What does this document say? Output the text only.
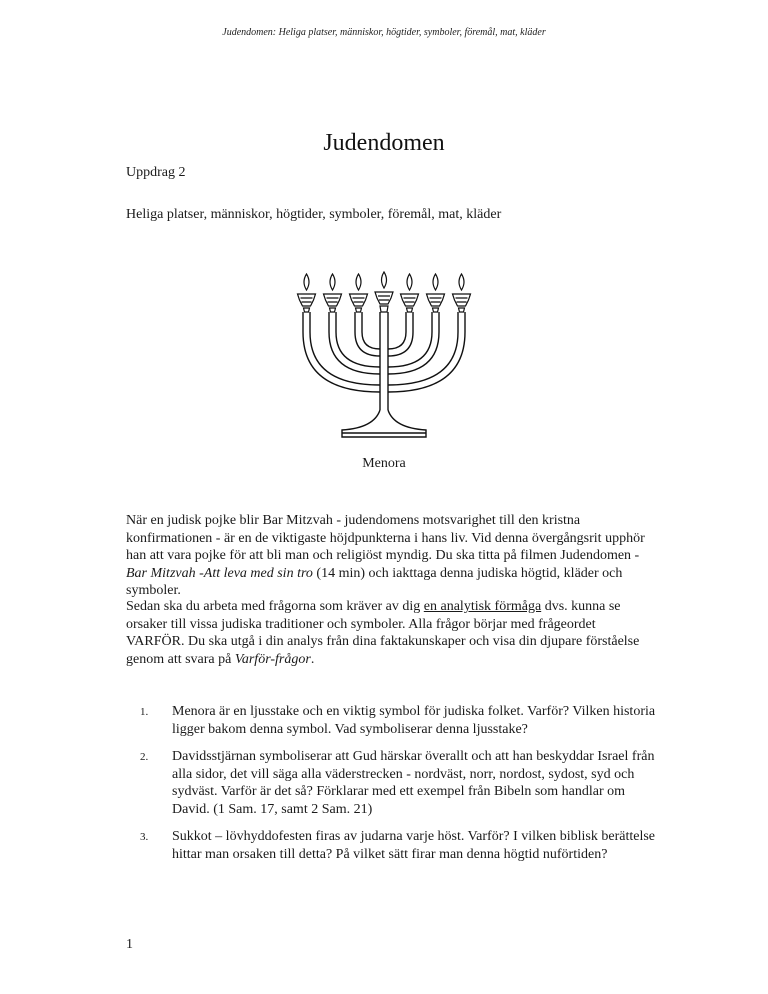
Judendomen: Heliga platser, människor, högtider, symboler, föremål, mat, kläder
Judendomen
Uppdrag 2
Heliga platser, människor, högtider, symboler, föremål, mat, kläder
Menora
När en judisk pojke blir Bar Mitzvah - judendomens motsvarighet till den kristna konfirmationen - är en de viktigaste höjdpunkterna i hans liv. Vid denna övergångsrit upphör han att vara pojke för att bli man och religiöst myndig. Du ska titta på filmen Judendomen - Bar Mitzvah -Att leva med sin tro (14 min) och iakttaga denna judiska högtid, kläder och symboler.
Sedan ska du arbeta med frågorna som kräver av dig en analytisk förmåga dvs. kunna se orsaker till vissa judiska traditioner och symboler. Alla frågor börjar med frågeordet VARFÖR. Du ska utgå i din analys från dina faktakunskaper och visa din djupare förståelse genom att svara på Varför-frågor.
1.	Menora är en ljusstake och en viktig symbol för judiska folket. Varför? Vilken historia ligger bakom denna symbol. Vad symboliserar denna ljusstake?
2.	Davidsstjärnan symboliserar att Gud härskar överallt och att han beskyddar Israel från alla sidor, det vill säga alla väderstrecken - nordväst, norr, nordost, sydost, syd och sydväst. Varför är det så? Förklarar med ett exempel från Bibeln som handlar om David. (1 Sam. 17, samt 2 Sam. 21)
3.	Sukkot – lövhyddofesten firas av judarna varje höst. Varför? I vilken biblisk berättelse hittar man orsaken till detta? På vilket sätt firar man denna högtid nuförtiden?
1
